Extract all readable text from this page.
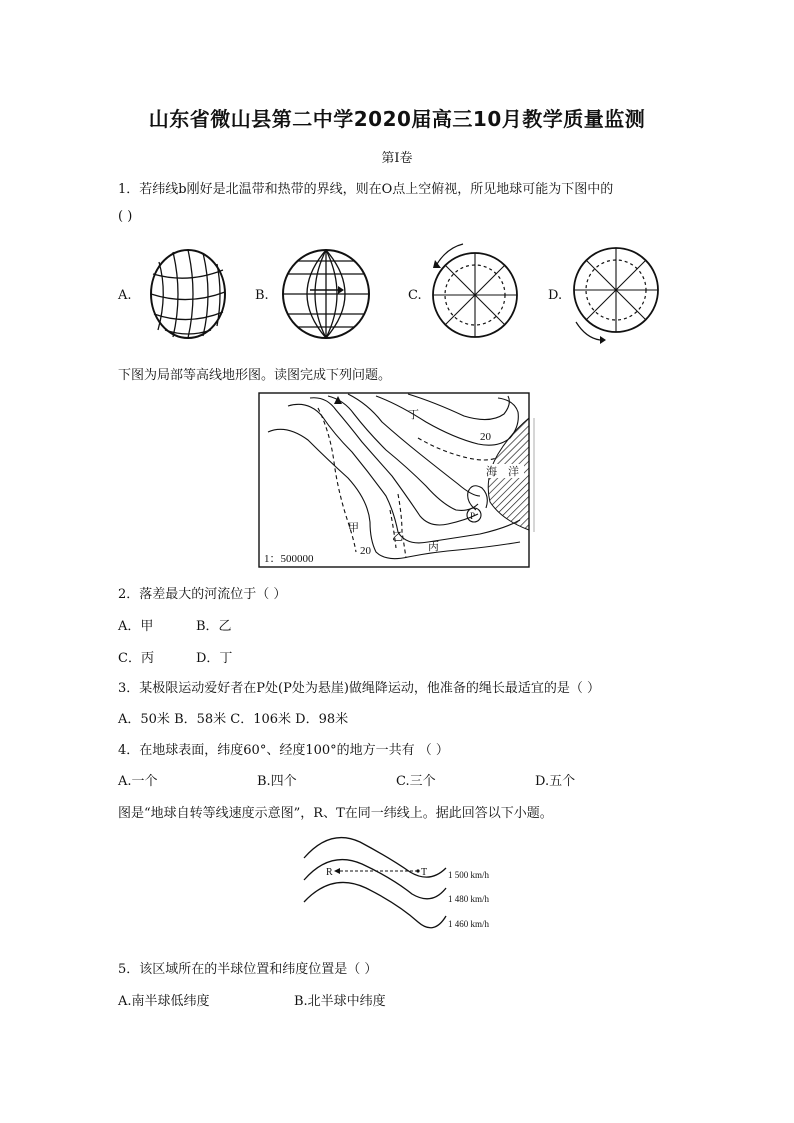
山东省微山县第二中学2020届高三10月教学质量监测
第Ⅰ卷
1．若纬线b刚好是北温带和热带的界线，则在O点上空俯视，所见地球可能为下图中的
( )
A.	B.	C.	D.
下图为局部等高线地形图。读图完成下列问题。
20
20
海 洋
甲
乙
丙
丁
P
1：500000
2．落差最大的河流位于（ ）
A．甲	B．乙
C．丙	D．丁
3．某极限运动爱好者在P处(P处为悬崖)做绳降运动，他准备的绳长最适宜的是（ ）
A．50米 B．58米 C．106米 D．98米
4．在地球表面，纬度60°、经度100°的地方一共有 （ ）
A.一个	B.四个	C.三个	D.五个
图是“地球自转等线速度示意图”，R、T在同一纬线上。据此回答以下小题。
R	T 1 500 km/h
1 480 km/h
1 460 km/h
5．该区域所在的半球位置和纬度位置是（ ）
A.南半球低纬度	B.北半球中纬度
